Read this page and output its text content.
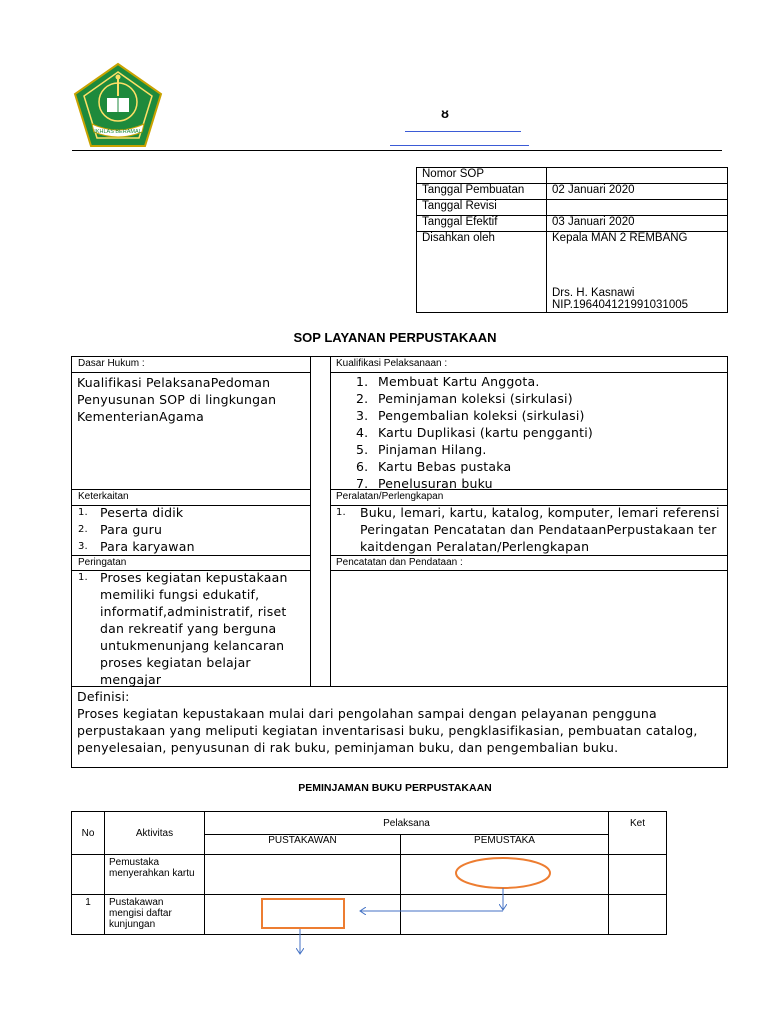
IKHLAS BERAMAL
ᴕ
Nomor SOP	
Tanggal Pembuatan	02 Januari 2020
Tanggal Revisi	
Tanggal Efektif	03 Januari 2020
Disahkan oleh	Kepala MAN 2 REMBANG
Drs. H. Kasnawi
NIP.196404121991031005
SOP LAYANAN PERPUSTAKAAN
Dasar Hukum :
Kualifikasi PelaksanaPedoman Penyusunan SOP di lingkungan KementerianAgama
Kualifikasi Pelaksanaan :
1. Membuat Kartu Anggota.
2. Peminjaman koleksi (sirkulasi)
3. Pengembalian koleksi (sirkulasi)
4. Kartu Duplikasi (kartu pengganti)
5. Pinjaman Hilang.
6. Kartu Bebas pustaka
7. Penelusuran buku
Keterkaitan
1. Peserta didik
2. Para guru
3. Para karyawan
Peralatan/Perlengkapan
1.	Buku, lemari, kartu, katalog, komputer, lemari referensiPeringatan Pencatatan dan PendataanPerpustakaan terkaitdengan Peralatan/Perlengkapan
Peringatan
1. Proses kegiatan kepustakaan memiliki fungsi edukatif, informatif,administratif, riset dan rekreatif yang berguna untukmenunjang kelancaran proses kegiatan belajar mengajar
Pencatatan dan Pendataan :
Definisi:
Proses kegiatan kepustakaan mulai dari pengolahan sampai dengan pelayanan pengguna perpustakaan yang meliputi kegiatan inventarisasi buku, pengklasifikasian, pembuatan catalog, penyelesaian, penyusunan di rak buku, peminjaman buku, dan pengembalian buku.
PEMINJAMAN BUKU PERPUSTAKAAN
No	Aktivitas	Pelaksana		Ket
		PUSTAKAWAN	PEMUSTAKA	
	Pemustaka menyerahkan kartu			
1	Pustakawan mengisi daftar kunjungan			
